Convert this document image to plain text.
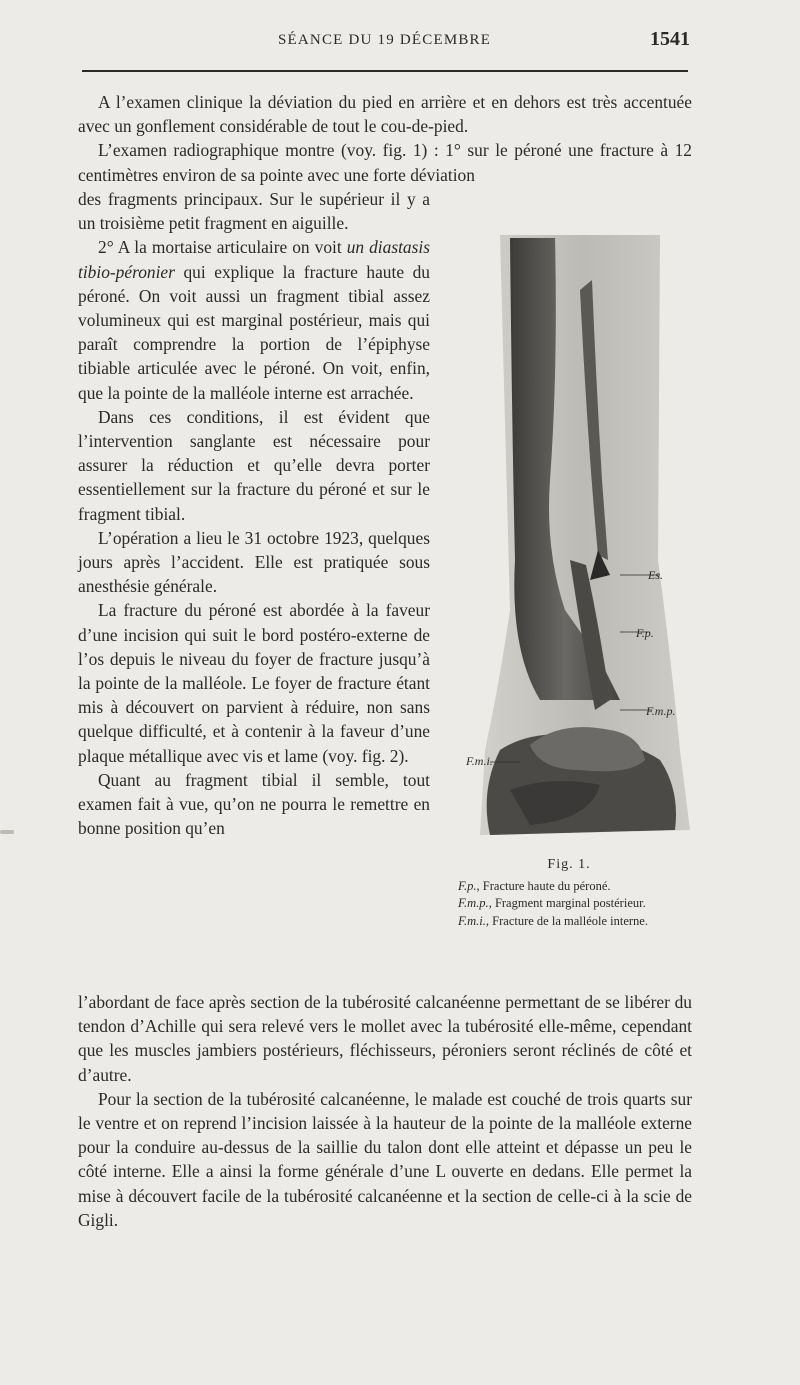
SÉANCE DU 19 DÉCEMBRE	1541

A l’examen clinique la déviation du pied en arrière et en dehors est très accentuée avec un gonflement considérable de tout le cou-de-pied.

L’examen radiographique montre (voy. fig. 1) : 1° sur le péroné une fracture à 12 centimètres environ de sa pointe avec une forte déviation

des fragments principaux. Sur le supérieur il y a un troisième petit fragment en aiguille.

2° A la mortaise articulaire on voit un diastasis tibio-péronier qui explique la fracture haute du péroné. On voit aussi un fragment tibial assez volumineux qui est marginal postérieur, mais qui paraît comprendre la portion de l’épiphyse tibiable articulée avec le péroné. On voit, enfin, que la pointe de la malléole interne est arrachée.

Dans ces conditions, il est évident que l’intervention sanglante est nécessaire pour assurer la réduction et qu’elle devra porter essentiellement sur la fracture du péroné et sur le fragment tibial.

L’opération a lieu le 31 octobre 1923, quelques jours après l’accident. Elle est pratiquée sous anesthésie générale.

La fracture du péroné est abordée à la faveur d’une incision qui suit le bord postéro-externe de l’os depuis le niveau du foyer de fracture jusqu’à la pointe de la malléole. Le foyer de fracture étant mis à découvert on parvient à réduire, non sans quelque difficulté, et à contenir à la faveur d’une plaque métallique avec vis et lame (voy. fig. 2).

Quant au fragment tibial il semble, tout examen fait à vue, qu’on ne pourra le remettre en bonne position qu’en

Es.
F.p.
F.m.p.
F.m.i.
Fig. 1.

F.p., Fracture haute du péroné.

F.m.p., Fragment marginal postérieur.

F.m.i., Fracture de la malléole interne.

l’abordant de face après section de la tubérosité calcanéenne permettant de se libérer du tendon d’Achille qui sera relevé vers le mollet avec la tubérosité elle-même, cependant que les muscles jambiers postérieurs, fléchisseurs, péroniers seront réclinés de côté et d’autre.

Pour la section de la tubérosité calcanéenne, le malade est couché de trois quarts sur le ventre et on reprend l’incision laissée à la hauteur de la pointe de la malléole externe pour la conduire au-dessus de la saillie du talon dont elle atteint et dépasse un peu le côté interne. Elle a ainsi la forme générale d’une L ouverte en dedans. Elle permet la mise à découvert facile de la tubérosité calcanéenne et la section de celle-ci à la scie de Gigli.
